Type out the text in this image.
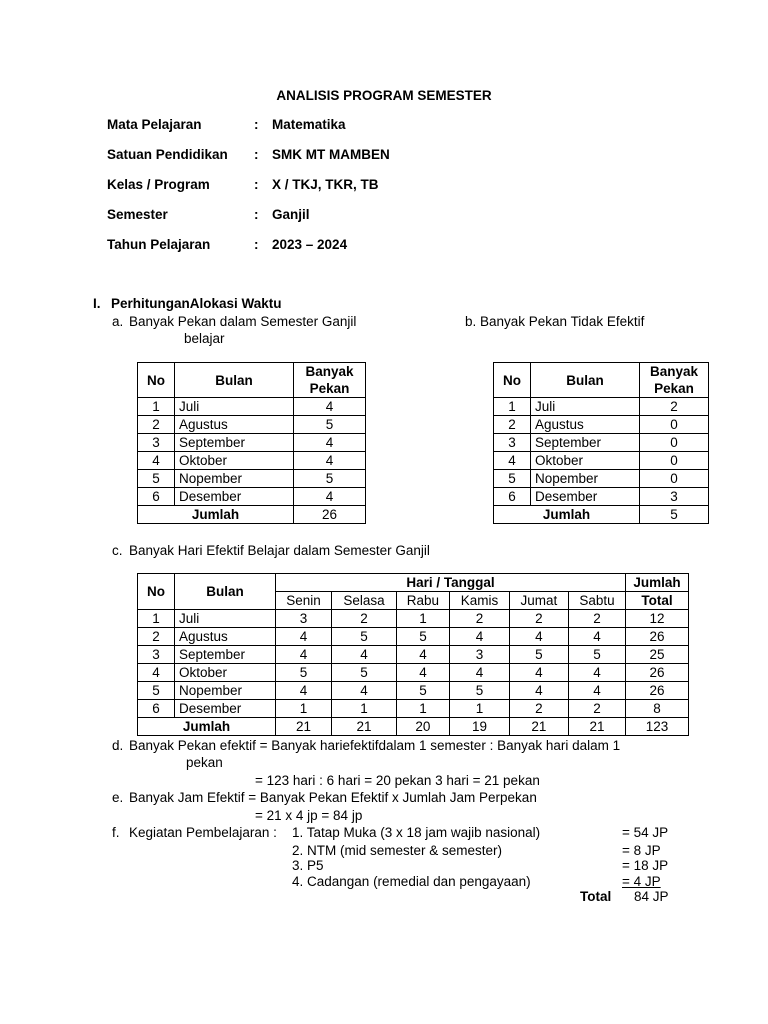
ANALISIS PROGRAM SEMESTER
Mata Pelajaran	: Matematika
Satuan Pendidikan : SMK MT MAMBEN
Kelas / Program	: X / TKJ, TKR, TB
Semester	: Ganjil
Tahun Pelajaran	: 2023 – 2024
I. PerhitunganAlokasi Waktu
a. Banyak Pekan dalam Semester Ganjil
belajar
b. Banyak Pekan Tidak Efektif
No	Bulan	Banyak
Pekan
1	Juli	4
2	Agustus	5
3	September	4
4	Oktober	4
5	Nopember	5
6	Desember	4
Jumlah		26
No	Bulan	Banyak
Pekan
1	Juli	2
2	Agustus	0
3	September	0
4	Oktober	0
5	Nopember	0
6	Desember	3
Jumlah		5
c. Banyak Hari Efektif Belajar dalam Semester Ganjil
No	Bulan	Hari / Tanggal						Jumlah
		Senin	Selasa	Rabu	Kamis	Jumat	Sabtu	Total
1	Juli	3	2	1	2	2	2	12
2	Agustus	4	5	5	4	4	4	26
3	September	4	4	4	3	5	5	25
4	Oktober	5	5	4	4	4	4	26
5	Nopember	4	4	5	5	4	4	26
6	Desember	1	1	1	1	2	2	8
Jumlah		21	21	20	19	21	21	123
d. Banyak Pekan efektif = Banyak hariefektifdalam 1 semester : Banyak hari dalam 1
pekan
= 123 hari : 6 hari = 20 pekan 3 hari = 21 pekan
e. Banyak Jam Efektif = Banyak Pekan Efektif x Jumlah Jam Perpekan
= 21 x 4 jp = 84 jp
f. Kegiatan Pembelajaran : 1. Tatap Muka (3 x 18 jam wajib nasional)	= 54 JP
2. NTM (mid semester & semester)	= 8 JP
3. P5	= 18 JP
4. Cadangan (remedial dan pengayaan)	= 4 JP
Total 84 JP
